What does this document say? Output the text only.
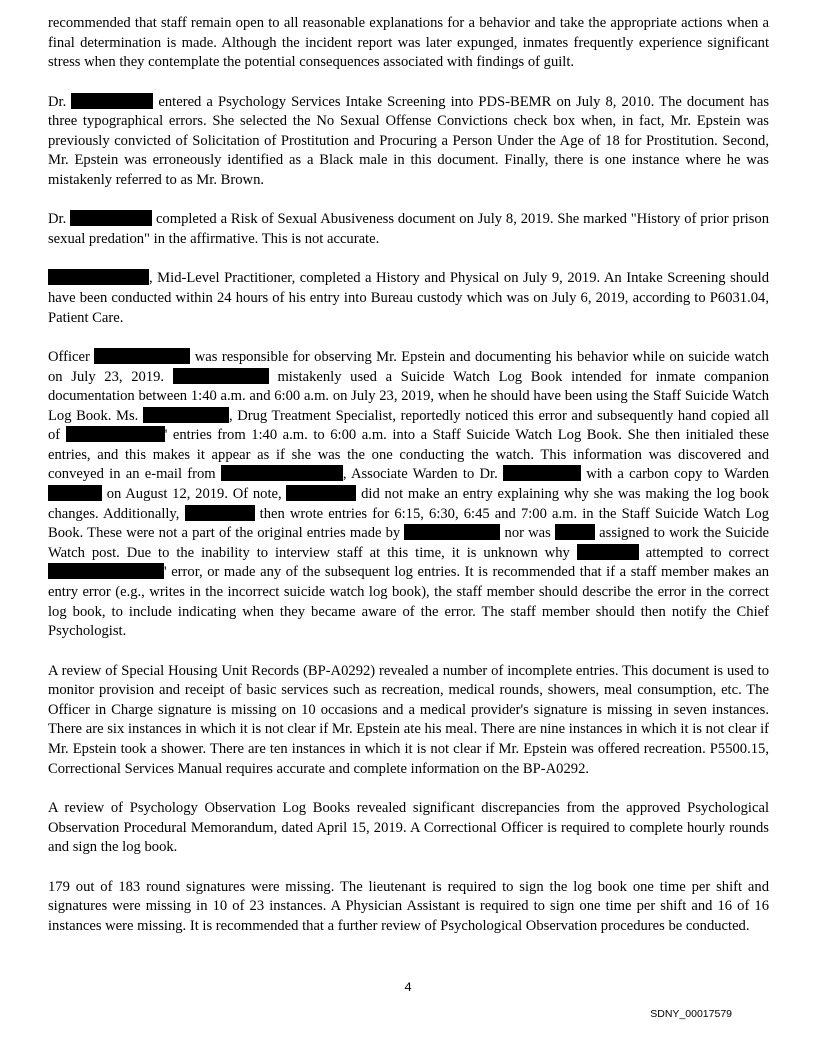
recommended that staff remain open to all reasonable explanations for a behavior and take the appropriate actions when a final determination is made. Although the incident report was later expunged, inmates frequently experience significant stress when they contemplate the potential consequences associated with findings of guilt.

Dr.	entered a Psychology Services Intake Screening into PDS-BEMR on July 8, 2010. The document has three typographical errors. She selected the No Sexual Offense Convictions check box when, in fact, Mr. Epstein was previously convicted of Solicitation of Prostitution and Procuring a Person Under the Age of 18 for Prostitution. Second, Mr. Epstein was erroneously identified as a Black male in this document. Finally, there is one instance where he was mistakenly referred to as Mr. Brown.

Dr.	completed a Risk of Sexual Abusiveness document on July 8, 2019. She marked "History of prior prison sexual predation" in the affirmative. This is not accurate.

, Mid-Level Practitioner, completed a History and Physical on July 9, 2019. An Intake Screening should have been conducted within 24 hours of his entry into Bureau custody which was on July 6, 2019, according to P6031.04, Patient Care.

Officer	was responsible for observing Mr. Epstein and documenting his behavior while on suicide watch on July 23, 2019.	mistakenly used a Suicide Watch Log Book intended for inmate companion documentation between 1:40 a.m. and 6:00 a.m. on July 23, 2019, when he should have been using the Staff Suicide Watch Log Book. Ms.	, Drug Treatment Specialist, reportedly noticed this error and subsequently hand copied all of	' entries from 1:40 a.m. to 6:00 a.m. into a Staff Suicide Watch Log Book. She then initialed these entries, and this makes it appear as if she was the one conducting the watch. This information was discovered and conveyed in an e-mail from	, Associate Warden to Dr.	with a carbon copy to Warden  on August 12, 2019. Of note,	did not make an entry explaining why she was making the log book changes. Additionally,	then wrote entries for 6:15, 6:30, 6:45 and 7:00 a.m. in the Staff Suicide Watch Log Book. These were not a part of the original entries made by	nor was	assigned to work the Suicide Watch post. Due to the inability to interview staff at this time, it is unknown why	attempted to correct ' error, or made any of the subsequent log entries. It is recommended that if a staff member makes an entry error (e.g., writes in the incorrect suicide watch log book), the staff member should describe the error in the correct log book, to include indicating when they became aware of the error. The staff member should then notify the Chief Psychologist.

A review of Special Housing Unit Records (BP-A0292) revealed a number of incomplete entries. This document is used to monitor provision and receipt of basic services such as recreation, medical rounds, showers, meal consumption, etc. The Officer in Charge signature is missing on 10 occasions and a medical provider's signature is missing in seven instances. There are six instances in which it is not clear if Mr. Epstein ate his meal. There are nine instances in which it is not clear if Mr. Epstein took a shower. There are ten instances in which it is not clear if Mr. Epstein was offered recreation. P5500.15, Correctional Services Manual requires accurate and complete information on the BP-A0292.

A review of Psychology Observation Log Books revealed significant discrepancies from the approved Psychological Observation Procedural Memorandum, dated April 15, 2019. A Correctional Officer is required to complete hourly rounds and sign the log book.

179 out of 183 round signatures were missing. The lieutenant is required to sign the log book one time per shift and signatures were missing in 10 of 23 instances. A Physician Assistant is required to sign one time per shift and 16 of 16 instances were missing. It is recommended that a further review of Psychological Observation procedures be conducted.

4
SDNY_00017579
